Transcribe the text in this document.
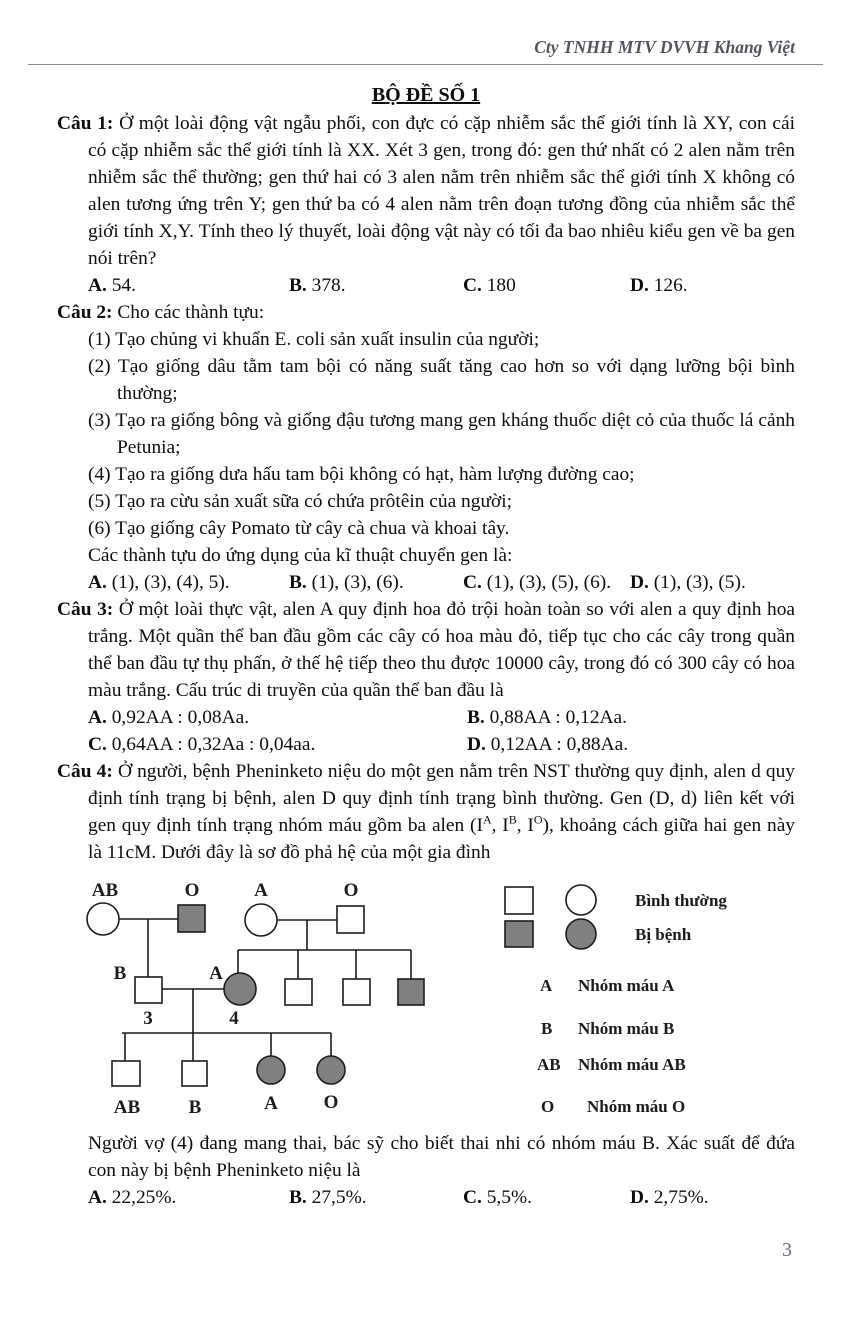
Cty TNHH MTV DVVH Khang Việt
BỘ ĐỀ SỐ 1

Câu 1: Ở một loài động vật ngẫu phối, con đực có cặp nhiễm sắc thể giới tính là XY, con cái có cặp nhiễm sắc thể giới tính là XX. Xét 3 gen, trong đó: gen thứ nhất có 2 alen nằm trên nhiễm sắc thể thường; gen thứ hai có 3 alen nằm trên nhiễm sắc thể giới tính X không có alen tương ứng trên Y; gen thứ ba có 4 alen nằm trên đoạn tương đồng của nhiễm sắc thể giới tính X,Y. Tính theo lý thuyết, loài động vật này có tối đa bao nhiêu kiểu gen về ba gen nói trên?

A. 54.	B. 378.	C. 180	D. 126.

Câu 2: Cho các thành tựu:

(1) Tạo chủng vi khuẩn E. coli sản xuất insulin của người;
(2) Tạo giống dâu tằm tam bội có năng suất tăng cao hơn so với dạng lưỡng bội bình thường;
(3) Tạo ra giống bông và giống đậu tương mang gen kháng thuốc diệt cỏ của thuốc lá cảnh Petunia;
(4) Tạo ra giống dưa hấu tam bội không có hạt, hàm lượng đường cao;
(5) Tạo ra cừu sản xuất sữa có chứa prôtêin của người;
(6) Tạo giống cây Pomato từ cây cà chua và khoai tây.
Các thành tựu do ứng dụng của kĩ thuật chuyển gen là:
A. (1), (3), (4), 5).	B. (1), (3), (6).	C. (1), (3), (5), (6). D. (1), (3), (5).

Câu 3: Ở một loài thực vật, alen A quy định hoa đỏ trội hoàn toàn so với alen a quy định hoa trắng. Một quần thể ban đầu gồm các cây có hoa màu đỏ, tiếp tục cho các cây trong quần thể ban đầu tự thụ phấn, ở thế hệ tiếp theo thu được 10000 cây, trong đó có 300 cây có hoa màu trắng. Cấu trúc di truyền của quần thể ban đầu là

A. 0,92AA : 0,08Aa.	B. 0,88AA : 0,12Aa.
C. 0,64AA : 0,32Aa : 0,04aa.	D. 0,12AA : 0,88Aa.

Câu 4: Ở người, bệnh Pheninketo niệu do một gen nằm trên NST thường quy định, alen d quy định tính trạng bị bệnh, alen D quy định tính trạng bình thường. Gen (D, d) liên kết với gen quy định tính trạng nhóm máu gồm ba alen ($I^A$, $I^B$, $I^O$), khoảng cách giữa hai gen này là 11cM. Dưới đây là sơ đồ phả hệ của một gia đình

AB	O	A	O
B	A
3	4
AB	B	A O
Bình thường
Bị bệnh
A Nhóm máu A
B Nhóm máu B
AB Nhóm máu AB
O Nhóm máu O
Người vợ (4) đang mang thai, bác sỹ cho biết thai nhi có nhóm máu B. Xác suất để đứa con này bị bệnh Pheninketo niệu là
A. 22,25%.	B. 27,5%.	C. 5,5%.	D. 2,75%.
3
